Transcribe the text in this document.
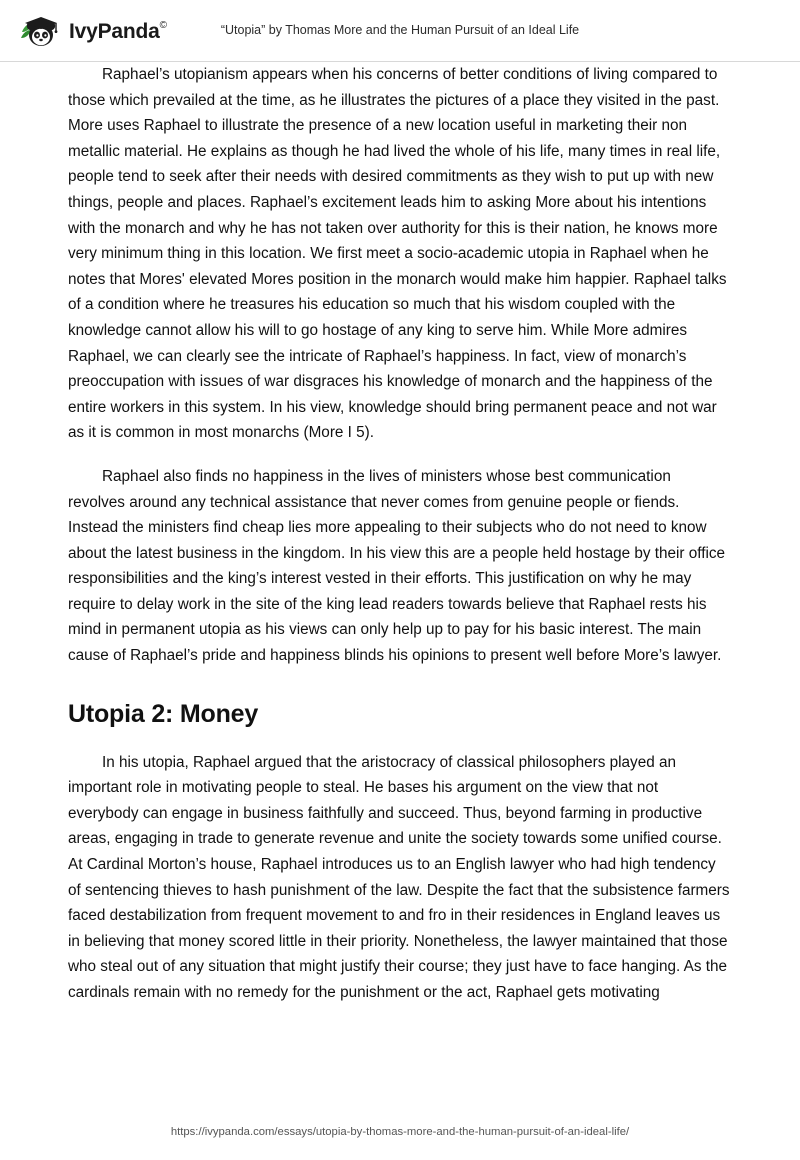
IvyPanda©	“Utopia” by Thomas More and the Human Pursuit of an Ideal Life

Raphael’s utopianism appears when his concerns of better conditions of living compared to those which prevailed at the time, as he illustrates the pictures of a place they visited in the past. More uses Raphael to illustrate the presence of a new location useful in marketing their non metallic material. He explains as though he had lived the whole of his life, many times in real life, people tend to seek after their needs with desired commitments as they wish to put up with new things, people and places. Raphael’s excitement leads him to asking More about his intentions with the monarch and why he has not taken over authority for this is their nation, he knows more very minimum thing in this location. We first meet a socio-academic utopia in Raphael when he notes that Mores' elevated Mores position in the monarch would make him happier. Raphael talks of a condition where he treasures his education so much that his wisdom coupled with the knowledge cannot allow his will to go hostage of any king to serve him. While More admires Raphael, we can clearly see the intricate of Raphael’s happiness. In fact, view of monarch’s preoccupation with issues of war disgraces his knowledge of monarch and the happiness of the entire workers in this system. In his view, knowledge should bring permanent peace and not war as it is common in most monarchs (More I 5).

Raphael also finds no happiness in the lives of ministers whose best communication revolves around any technical assistance that never comes from genuine people or fiends. Instead the ministers find cheap lies more appealing to their subjects who do not need to know about the latest business in the kingdom. In his view this are a people held hostage by their office responsibilities and the king’s interest vested in their efforts. This justification on why he may require to delay work in the site of the king lead readers towards believe that Raphael rests his mind in permanent utopia as his views can only help up to pay for his basic interest. The main cause of Raphael’s pride and happiness blinds his opinions to present well before More’s lawyer.

Utopia 2: Money

In his utopia, Raphael argued that the aristocracy of classical philosophers played an important role in motivating people to steal. He bases his argument on the view that not everybody can engage in business faithfully and succeed. Thus, beyond farming in productive areas, engaging in trade to generate revenue and unite the society towards some unified course. At Cardinal Morton’s house, Raphael introduces us to an English lawyer who had high tendency of sentencing thieves to hash punishment of the law. Despite the fact that the subsistence farmers faced destabilization from frequent movement to and fro in their residences in England leaves us in believing that money scored little in their priority. Nonetheless, the lawyer maintained that those who steal out of any situation that might justify their course; they just have to face hanging. As the cardinals remain with no remedy for the punishment or the act, Raphael gets motivating

https://ivypanda.com/essays/utopia-by-thomas-more-and-the-human-pursuit-of-an-ideal-life/
